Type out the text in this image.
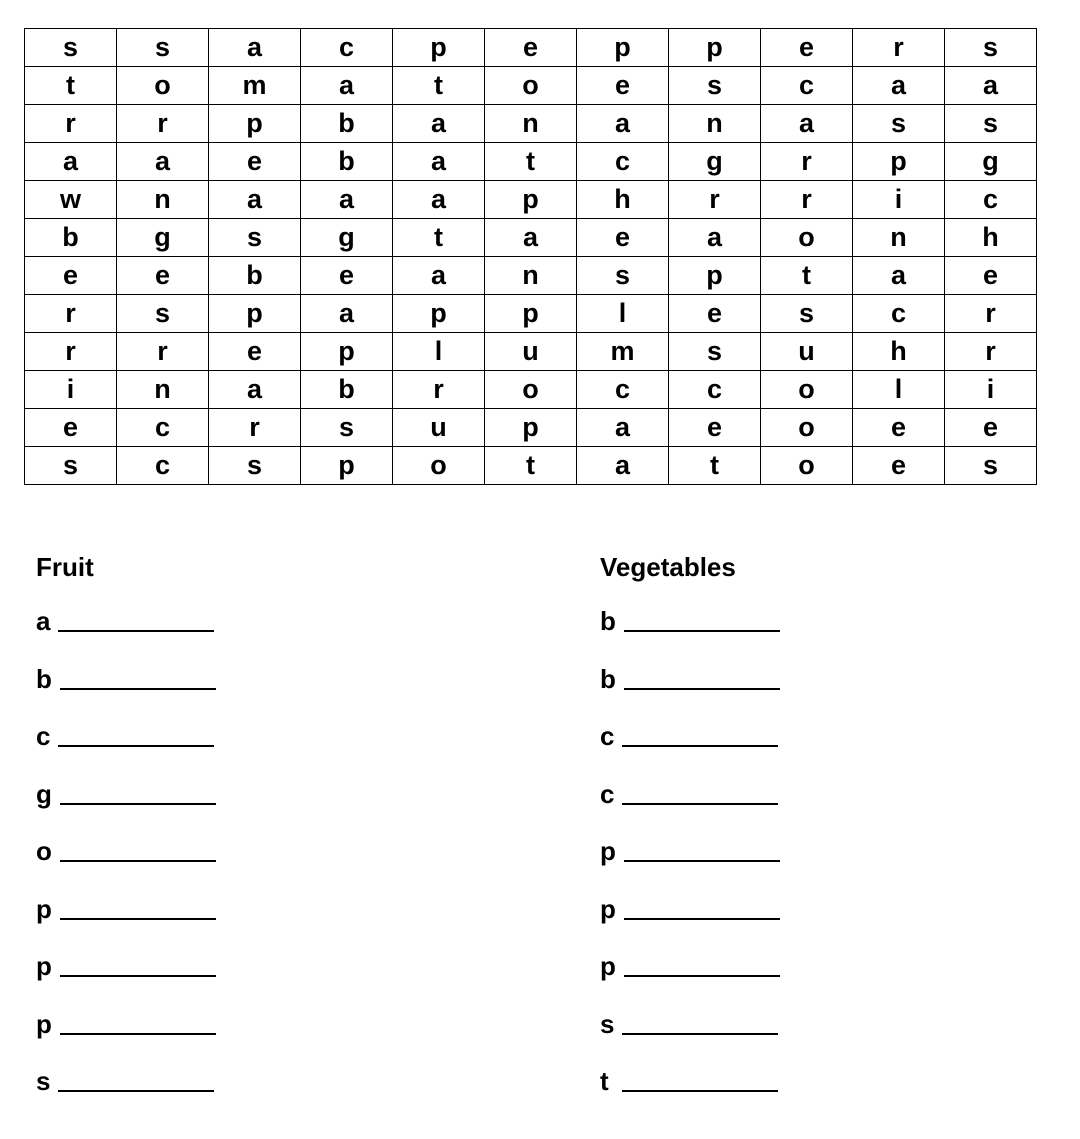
s	s	a	c	p	e	p	p	e	r	s
t	o	m	a	t	o	e	s	c	a	a
r	r	p	b	a	n	a	n	a	s	s
a	a	e	b	a	t	c	g	r	p	g
w	n	a	a	a	p	h	r	r	i	c
b	g	s	g	t	a	e	a	o	n	h
e	e	b	e	a	n	s	p	t	a	e
r	s	p	a	p	p	l	e	s	c	r
r	r	e	p	l	u	m	s	u	h	r
i	n	a	b	r	o	c	c	o	l	i
e	c	r	s	u	p	a	e	o	e	e
s	c	s	p	o	t	a	t	o	e	s
Fruit
a
b
c
g
o
p
p
p
s
Vegetables
b
b
c
c
p
p
p
s
t
